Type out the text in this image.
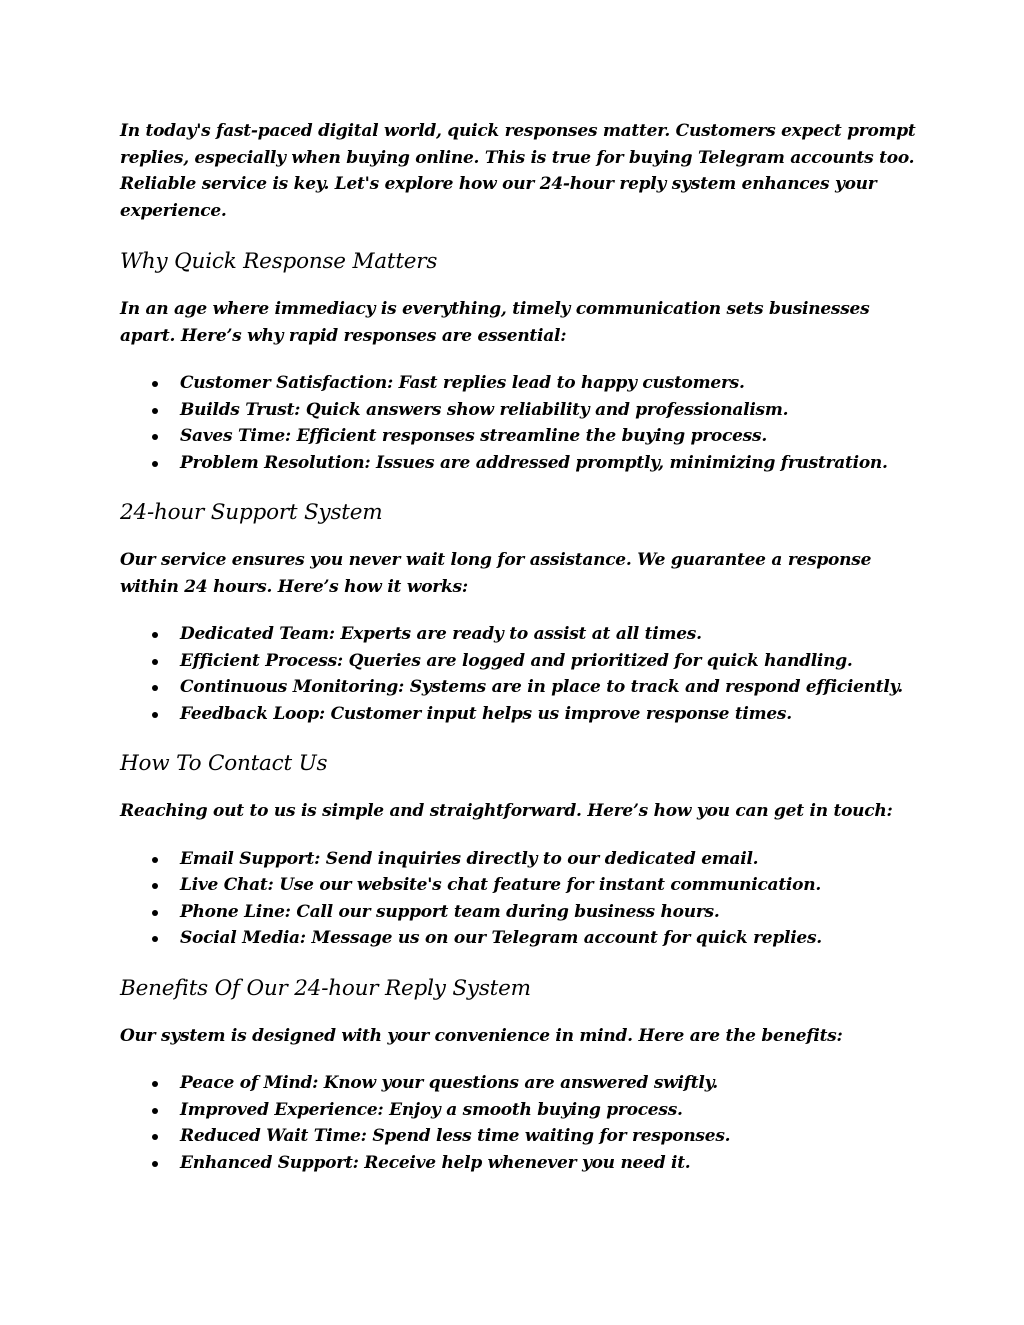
In today's fast-paced digital world, quick responses matter. Customers expect prompt replies, especially when buying online. This is true for buying Telegram accounts too. Reliable service is key. Let's explore how our 24-hour reply system enhances your experience.

Why Quick Response Matters

In an age where immediacy is everything, timely communication sets businesses apart. Here’s why rapid responses are essential:

Customer Satisfaction: Fast replies lead to happy customers.
Builds Trust: Quick answers show reliability and professionalism.
Saves Time: Efficient responses streamline the buying process.
Problem Resolution: Issues are addressed promptly, minimizing frustration.
24-hour Support System

Our service ensures you never wait long for assistance. We guarantee a response within 24 hours. Here’s how it works:

Dedicated Team: Experts are ready to assist at all times.
Efficient Process: Queries are logged and prioritized for quick handling.
Continuous Monitoring: Systems are in place to track and respond efficiently.
Feedback Loop: Customer input helps us improve response times.
How To Contact Us

Reaching out to us is simple and straightforward. Here’s how you can get in touch:

Email Support: Send inquiries directly to our dedicated email.
Live Chat: Use our website's chat feature for instant communication.
Phone Line: Call our support team during business hours.
Social Media: Message us on our Telegram account for quick replies.
Benefits Of Our 24-hour Reply System

Our system is designed with your convenience in mind. Here are the benefits:

Peace of Mind: Know your questions are answered swiftly.
Improved Experience: Enjoy a smooth buying process.
Reduced Wait Time: Spend less time waiting for responses.
Enhanced Support: Receive help whenever you need it.
